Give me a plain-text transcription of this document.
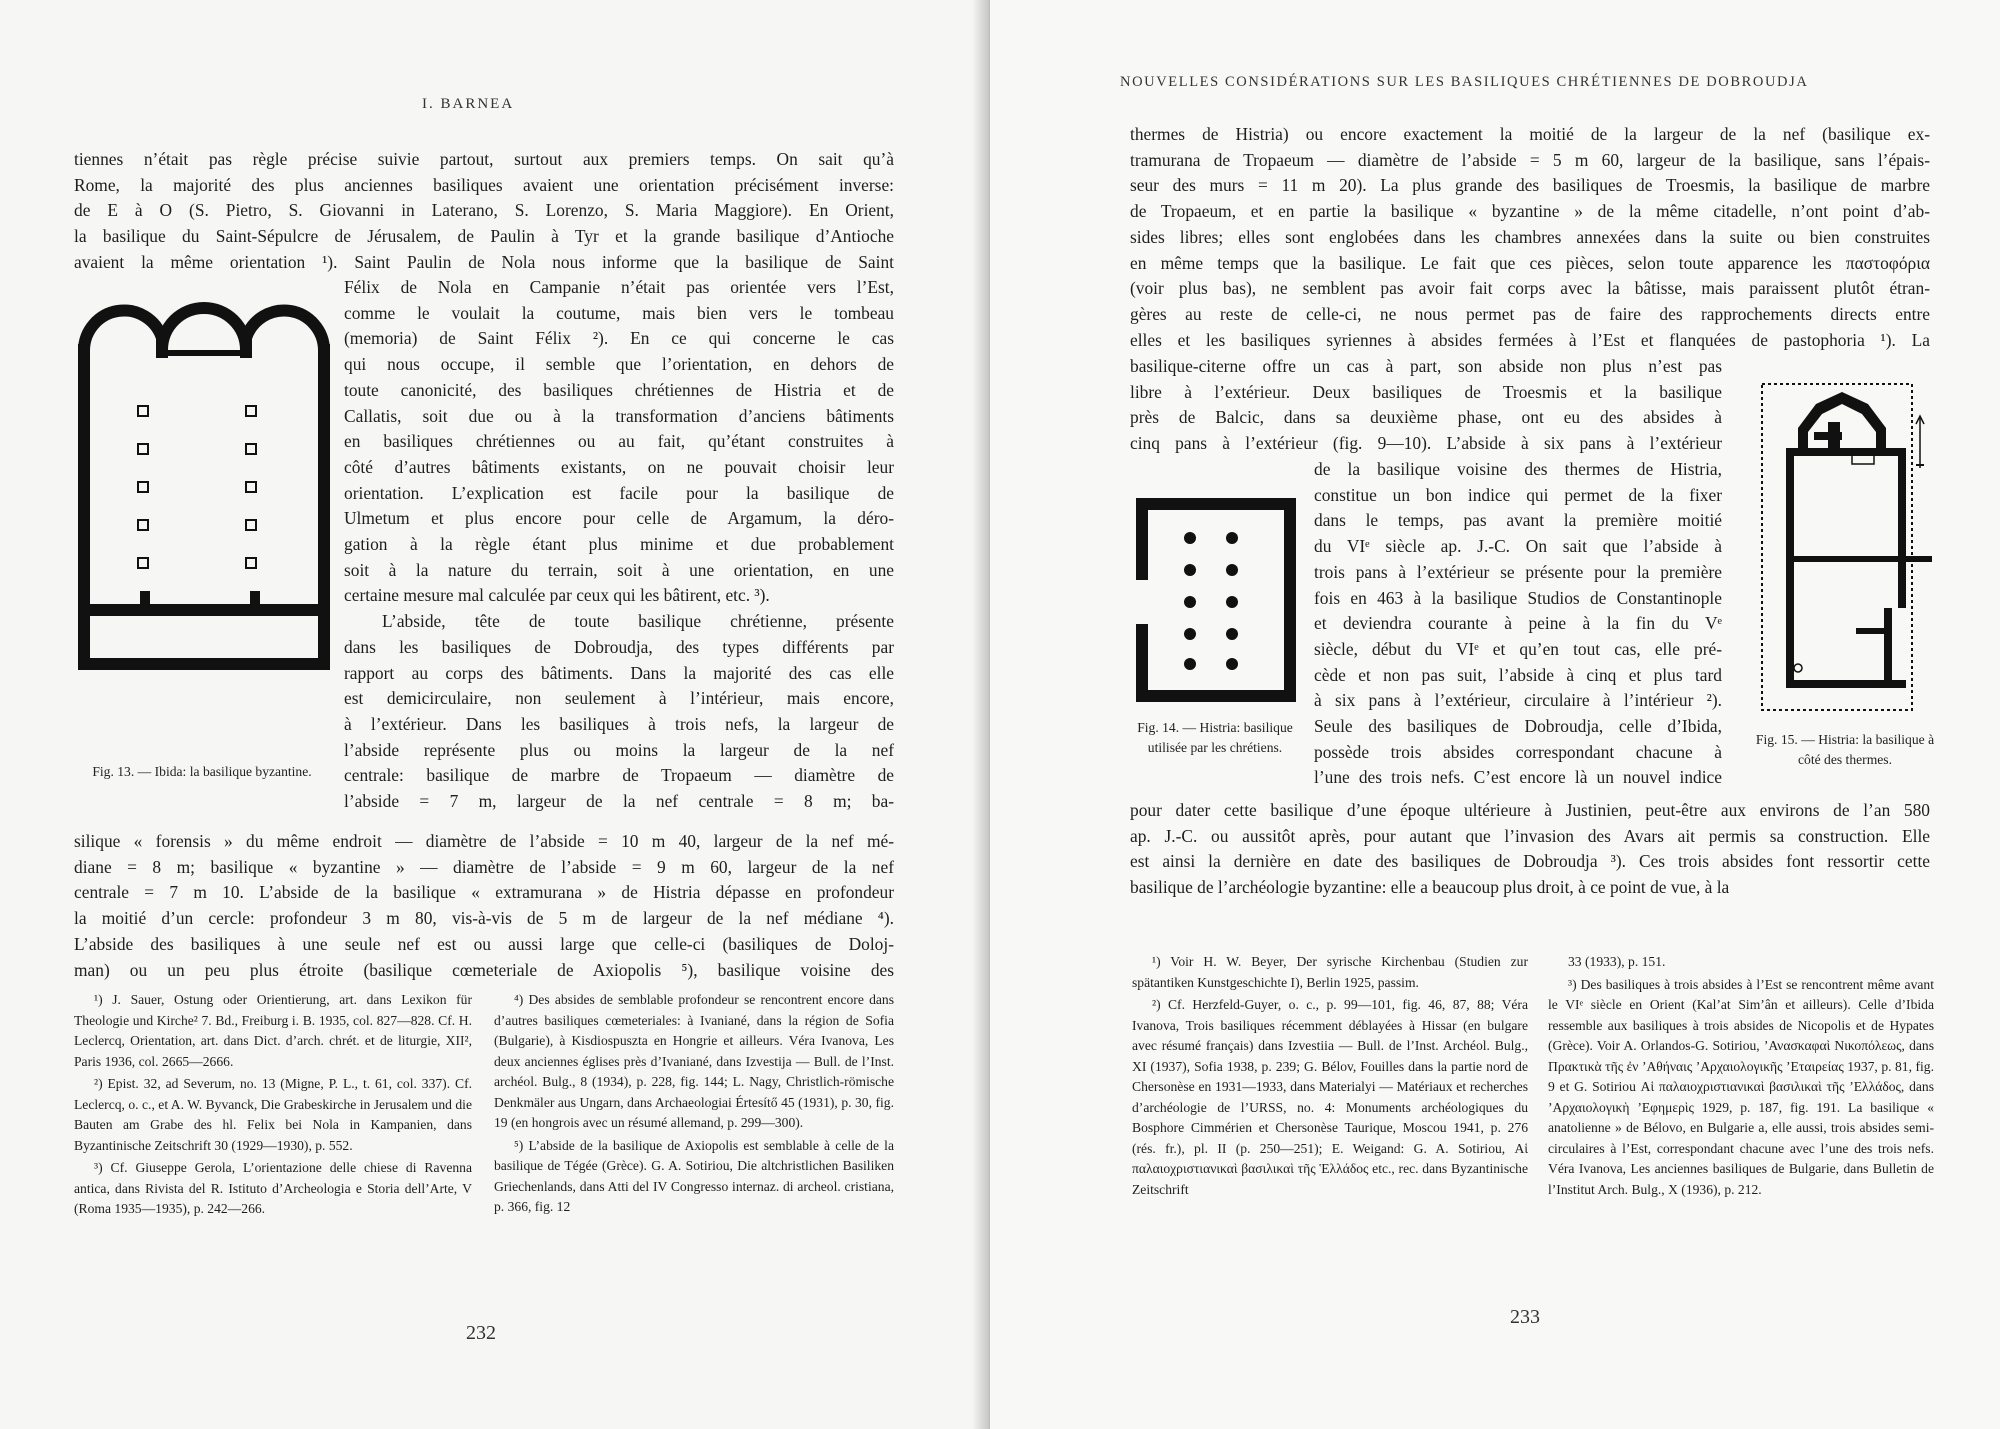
I. BARNEA
tiennes n’était pas règle précise suivie partout, surtout aux premiers temps. On sait qu’à
Rome, la majorité des plus anciennes basiliques avaient une orientation précisément inverse:
de E à O (S. Pietro, S. Giovanni in Laterano, S. Lorenzo, S. Maria Maggiore). En Orient,
la basilique du Saint-Sépulcre de Jérusalem, de Paulin à Tyr et la grande basilique d’Antioche
avaient la même orientation ¹). Saint Paulin de Nola nous informe que la basilique de Saint
Fig. 13. — Ibida: la basilique byzantine.
Félix de Nola en Campanie n’était pas orientée vers l’Est,
comme le voulait la coutume, mais bien vers le tombeau
(memoria) de Saint Félix ²). En ce qui concerne le cas
qui nous occupe, il semble que l’orientation, en dehors de
toute canonicité, des basiliques chrétiennes de Histria et de
Callatis, soit due ou à la transformation d’anciens bâtiments
en basiliques chrétiennes ou au fait, qu’étant construites à
côté d’autres bâtiments existants, on ne pouvait choisir leur
orientation. L’explication est facile pour la basilique de
Ulmetum et plus encore pour celle de Argamum, la déro-
gation à la règle étant plus minime et due probablement
soit à la nature du terrain, soit à une orientation, en une
certaine mesure mal calculée par ceux qui les bâtirent, etc. ³).
L’abside, tête de toute basilique chrétienne, présente
dans les basiliques de Dobroudja, des types différents par
rapport au corps des bâtiments. Dans la majorité des cas elle
est demicirculaire, non seulement à l’intérieur, mais encore,
à l’extérieur. Dans les basiliques à trois nefs, la largeur de
l’abside représente plus ou moins la largeur de la nef
centrale: basilique de marbre de Tropaeum — diamètre de
l’abside = 7 m, largeur de la nef centrale = 8 m; ba-
silique « forensis » du même endroit — diamètre de l’abside = 10 m 40, largeur de la nef mé-
diane = 8 m; basilique « byzantine » — diamètre de l’abside = 9 m 60, largeur de la nef
centrale = 7 m 10. L’abside de la basilique « extramurana » de Histria dépasse en profondeur
la moitié d’un cercle: profondeur 3 m 80, vis-à-vis de 5 m de largeur de la nef médiane ⁴).
L’abside des basiliques à une seule nef est ou aussi large que celle-ci (basiliques de Doloj-
man) ou un peu plus étroite (basilique cœmeteriale de Axiopolis ⁵), basilique voisine des

¹) J. Sauer, Ostung oder Orientierung, art. dans Lexikon für Theologie und Kirche² 7. Bd., Freiburg i. B. 1935, col. 827—828. Cf. H. Leclercq, Orientation, art. dans Dict. d’arch. chrét. et de liturgie, XII², Paris 1936, col. 2665—2666.

²) Epist. 32, ad Severum, no. 13 (Migne, P. L., t. 61, col. 337). Cf. Leclercq, o. c., et A. W. Byvanck, Die Grabeskirche in Jerusalem und die Bauten am Grabe des hl. Felix bei Nola in Kampanien, dans Byzantinische Zeitschrift 30 (1929—1930), p. 552.

³) Cf. Giuseppe Gerola, L’orientazione delle chiese di Ravenna antica, dans Rivista del R. Istituto d’Archeologia e Storia dell’Arte, V (Roma 1935—1935), p. 242—266.

⁴) Des absides de semblable profondeur se rencontrent encore dans d’autres basiliques cœmeteriales: à Ivaniané, dans la région de Sofia (Bulgarie), à Kisdiospuszta en Hongrie et ailleurs. Véra Ivanova, Les deux anciennes églises près d’Ivaniané, dans Izvestija — Bull. de l’Inst. archéol. Bulg., 8 (1934), p. 228, fig. 144; L. Nagy, Christlich-römische Denkmäler aus Ungarn, dans Archaeologiai Értesítő 45 (1931), p. 30, fig. 19 (en hongrois avec un résumé allemand, p. 299—300).

⁵) L’abside de la basilique de Axiopolis est semblable à celle de la basilique de Tégée (Grèce). G. A. Sotiriou, Die altchristlichen Basiliken Griechenlands, dans Atti del IV Congresso internaz. di archeol. cristiana, p. 366, fig. 12

232
NOUVELLES CONSIDÉRATIONS SUR LES BASILIQUES CHRÉTIENNES DE DOBROUDJA
thermes de Histria) ou encore exactement la moitié de la largeur de la nef (basilique ex-
tramurana de Tropaeum — diamètre de l’abside = 5 m 60, largeur de la basilique, sans l’épais-
seur des murs = 11 m 20). La plus grande des basiliques de Troesmis, la basilique de marbre
de Tropaeum, et en partie la basilique « byzantine » de la même citadelle, n’ont point d’ab-
sides libres; elles sont englobées dans les chambres annexées dans la suite ou bien construites
en même temps que la basilique. Le fait que ces pièces, selon toute apparence les παστοφόρια
(voir plus bas), ne semblent pas avoir fait corps avec la bâtisse, mais paraissent plutôt étran-
gères au reste de celle-ci, ne nous permet pas de faire des rapprochements directs entre
elles et les basiliques syriennes à absides fermées à l’Est et flanquées de pastophoria ¹). La
basilique-citerne offre un cas à part, son abside non plus n’est pas
libre à l’extérieur. Deux basiliques de Troesmis et la basilique
près de Balcic, dans sa deuxième phase, ont eu des absides à
cinq pans à l’extérieur (fig. 9—10). L’abside à six pans à l’extérieur
Fig. 14. — Histria: basilique utilisée par les chrétiens.
de la basilique voisine des thermes de Histria,
constitue un bon indice qui permet de la fixer
dans le temps, pas avant la première moitié
du VIᵉ siècle ap. J.-C. On sait que l’abside à
trois pans à l’extérieur se présente pour la première
fois en 463 à la basilique Studios de Constantinople
et deviendra courante à peine à la fin du Vᵉ
siècle, début du VIᵉ et qu’en tout cas, elle pré-
cède et non pas suit, l’abside à cinq et plus tard
à six pans à l’extérieur, circulaire à l’intérieur ²).
Seule des basiliques de Dobroudja, celle d’Ibida,
possède trois absides correspondant chacune à
l’une des trois nefs. C’est encore là un nouvel indice
Fig. 15. — Histria: la basilique à côté des thermes.
pour dater cette basilique d’une époque ultérieure à Justinien, peut-être aux environs de l’an 580
ap. J.-C. ou aussitôt après, pour autant que l’invasion des Avars ait permis sa construction. Elle
est ainsi la dernière en date des basiliques de Dobroudja ³). Ces trois absides font ressortir cette
basilique de l’archéologie byzantine: elle a beaucoup plus droit, à ce point de vue, à la

¹) Voir H. W. Beyer, Der syrische Kirchenbau (Studien zur spätantiken Kunstgeschichte I), Berlin 1925, passim.

²) Cf. Herzfeld-Guyer, o. c., p. 99—101, fig. 46, 87, 88; Véra Ivanova, Trois basiliques récemment déblayées à Hissar (en bulgare avec résumé français) dans Izvestiia — Bull. de l’Inst. Archéol. Bulg., XI (1937), Sofia 1938, p. 239; G. Bélov, Fouilles dans la partie nord de Chersonèse en 1931—1933, dans Materialyi — Matériaux et recherches d’archéologie de l’URSS, no. 4: Monuments archéologiques du Bosphore Cimmérien et Chersonèse Taurique, Moscou 1941, p. 276 (rés. fr.), pl. II (p. 250—251); E. Weigand: G. A. Sotiriou, Αἱ παλαιοχριστιανικαὶ βασιλικαὶ τῆς Ἑλλάδος etc., rec. dans Byzantinische Zeitschrift

33 (1933), p. 151.

³) Des basiliques à trois absides à l’Est se rencontrent même avant le VIᵉ siècle en Orient (Kal’at Sim’ân et ailleurs). Celle d’Ibida ressemble aux basiliques à trois absides de Nicopolis et de Hypates (Grèce). Voir A. Orlandos-G. Sotiriou, ’Ανασκαφαὶ Νικοπόλεως, dans Πρακτικὰ τῆς ἐν ’Αθήναις ’Αρχαιολογικῆς ’Εταιρείας 1937, p. 81, fig. 9 et G. Sotiriou Αἱ παλαιοχριστιανικαὶ βασιλικαὶ τῆς ’Ελλάδος, dans ’Αρχαιολογικὴ ’Εφημερὶς 1929, p. 187, fig. 191. La basilique « anatolienne » de Bélovo, en Bulgarie a, elle aussi, trois absides semi-circulaires à l’Est, correspondant chacune avec l’une des trois nefs. Véra Ivanova, Les anciennes basiliques de Bulgarie, dans Bulletin de l’Institut Arch. Bulg., X (1936), p. 212.

233
